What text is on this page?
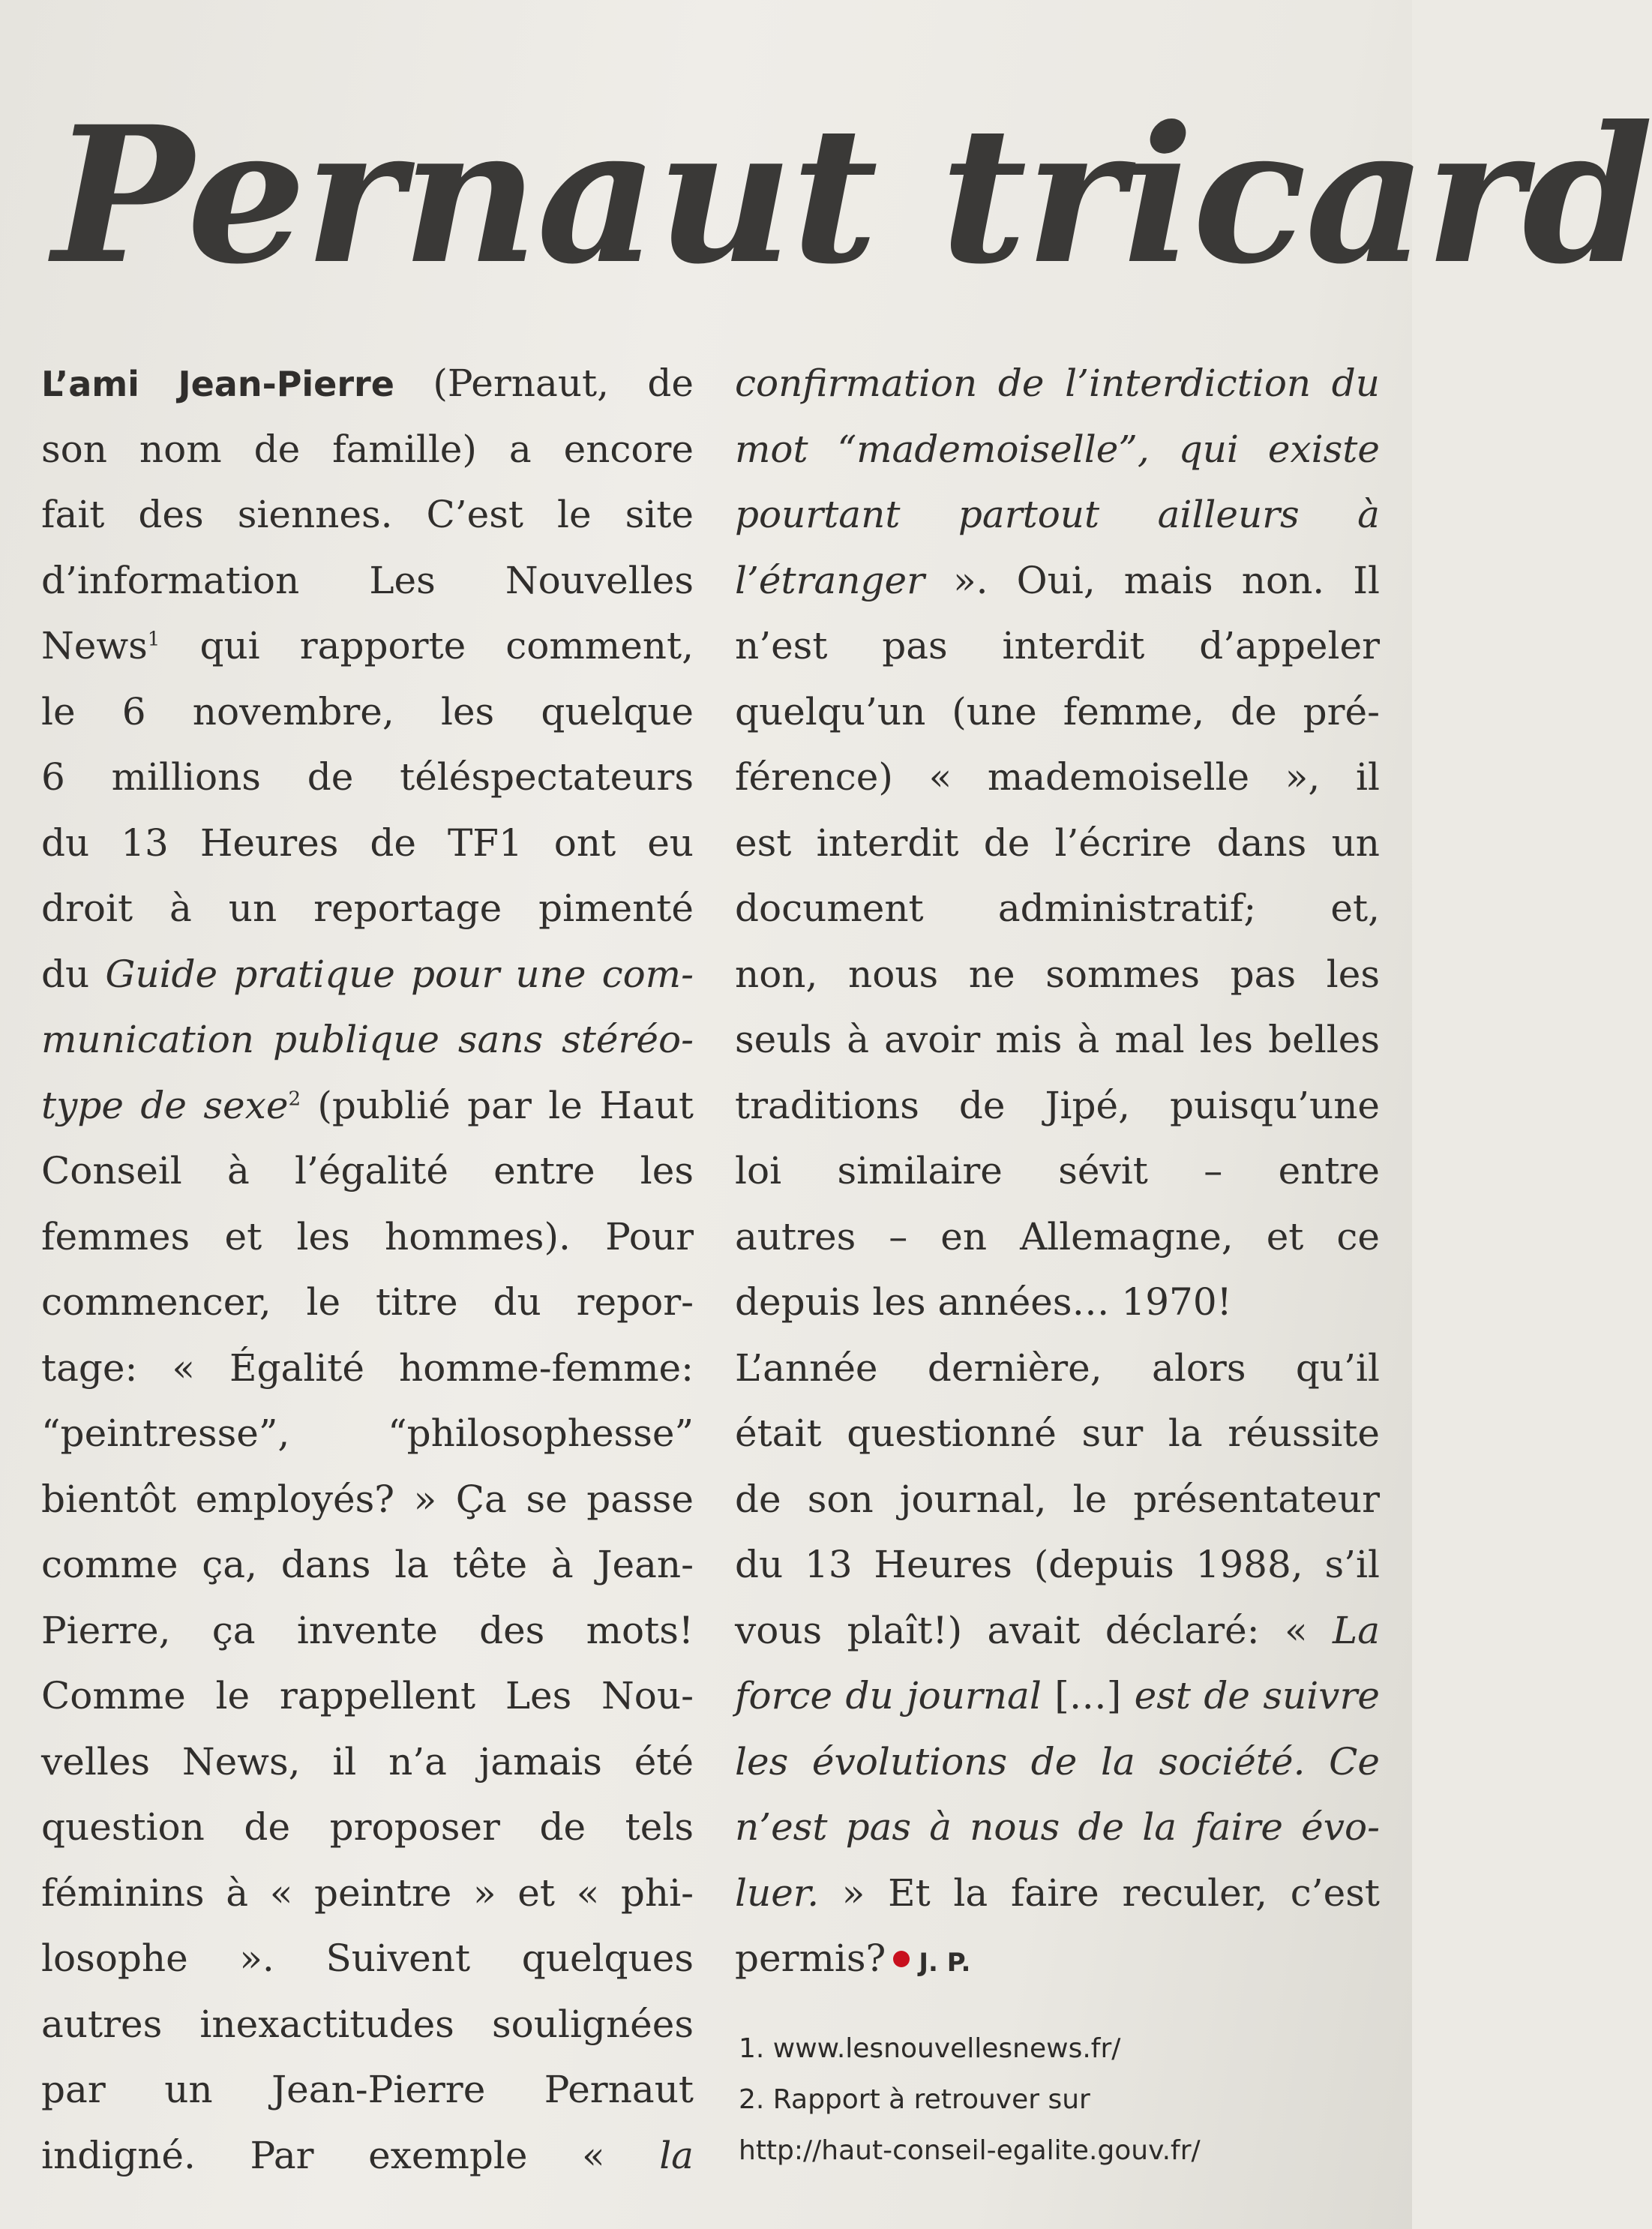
Pernaut tricard
L’ami Jean-Pierre (Pernaut, de
son nom de famille) a encore
fait des siennes. C’est le site
d’information Les Nouvelles
News$^1$ qui rapporte comment,
le 6 novembre, les quelque
6 millions de téléspectateurs
du 13 Heures de TF1 ont eu
droit à un reportage pimenté
du Guide pratique pour une com-
munication publique sans stéréo-
type de sexe$^2$ (publié par le Haut
Conseil à l’égalité entre les
femmes et les hommes). Pour
commencer, le titre du repor-
tage: « Égalité homme-femme:
“peintresse”, “philosophesse”
bientôt employés? » Ça se passe
comme ça, dans la tête à Jean-
Pierre, ça invente des mots!
Comme le rappellent Les Nou-
velles News, il n’a jamais été
question de proposer de tels
féminins à « peintre » et « phi-
losophe ». Suivent quelques
autres inexactitudes soulignées
par un Jean-Pierre Pernaut
indigné. Par exemple « la
confirmation de l’interdiction du
mot “mademoiselle”, qui existe
pourtant partout ailleurs à
l’étranger ». Oui, mais non. Il
n’est pas interdit d’appeler
quelqu’un (une femme, de pré-
férence) « mademoiselle », il
est interdit de l’écrire dans un
document administratif; et,
non, nous ne sommes pas les
seuls à avoir mis à mal les belles
traditions de Jipé, puisqu’une
loi similaire sévit – entre
autres – en Allemagne, et ce
depuis les années… 1970!
L’année dernière, alors qu’il
était questionné sur la réussite
de son journal, le présentateur
du 13 Heures (depuis 1988, s’il
vous plaît!) avait déclaré: « La
force du journal […] est de suivre
les évolutions de la société. Ce
n’est pas à nous de la faire évo-
luer. » Et la faire reculer, c’est
permis? J. P.
1. www.lesnouvellesnews.fr/
2. Rapport à retrouver sur
http://haut-conseil-egalite.gouv.fr/
